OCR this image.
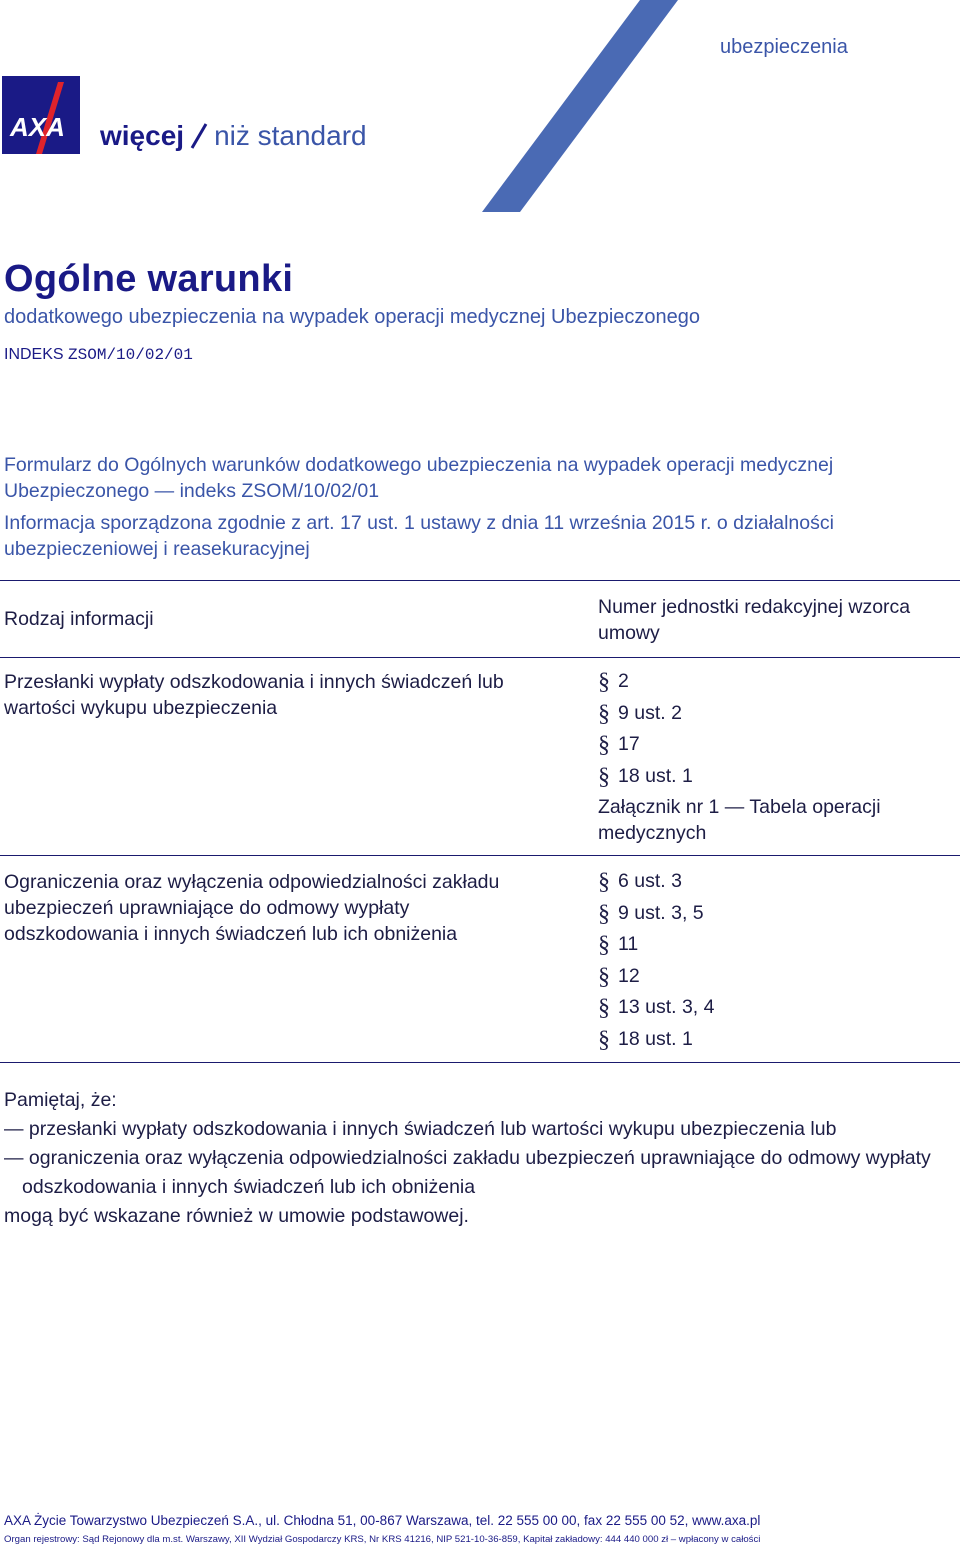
ubezpieczenia
AXA więcej niż standard
Ogólne warunki
dodatkowego ubezpieczenia na wypadek operacji medycznej Ubezpieczonego
INDEKS ZSOM/10/02/01
Formularz do Ogólnych warunków dodatkowego ubezpieczenia na wypadek operacji medycznej Ubezpieczonego — indeks ZSOM/10/02/01
Informacja sporządzona zgodnie z art. 17 ust. 1 ustawy z dnia 11 września 2015 r. o działalności ubezpieczeniowej i reasekuracyjnej
Rodzaj informacji
Numer jednostki redakcyjnej wzorca umowy
Przesłanki wypłaty odszkodowania i innych świadczeń lub wartości wykupu ubezpieczenia
§ 2
§ 9 ust. 2
§ 17
§ 18 ust. 1
Załącznik nr 1 — Tabela operacji medycznych
Ograniczenia oraz wyłączenia odpowiedzialności zakładu ubezpieczeń uprawniające do odmowy wypłaty odszkodowania i innych świadczeń lub ich obniżenia
§ 6 ust. 3
§ 9 ust. 3, 5
§ 11
§ 12
§ 13 ust. 3, 4
§ 18 ust. 1
Pamiętaj, że:
— przesłanki wypłaty odszkodowania i innych świadczeń lub wartości wykupu ubezpieczenia lub
— ograniczenia oraz wyłączenia odpowiedzialności zakładu ubezpieczeń uprawniające do odmowy wypłaty odszkodowania i innych świadczeń lub ich obniżenia
mogą być wskazane również w umowie podstawowej.
AXA Życie Towarzystwo Ubezpieczeń S.A., ul. Chłodna 51, 00-867 Warszawa, tel. 22 555 00 00, fax 22 555 00 52, www.axa.pl
Organ rejestrowy: Sąd Rejonowy dla m.st. Warszawy, XII Wydział Gospodarczy KRS, Nr KRS 41216, NIP 521-10-36-859, Kapitał zakładowy: 444 440 000 zł – wpłacony w całości
